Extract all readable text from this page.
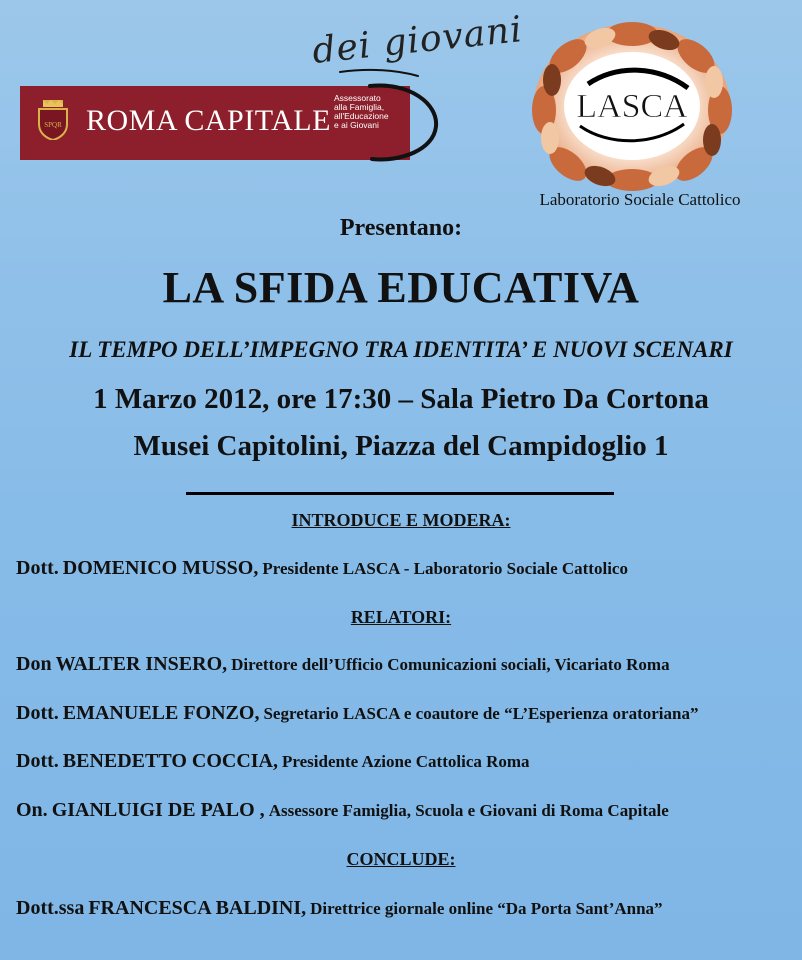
SPQR ROMA CAPITALE
Assessorato
alla Famiglia,
all'Educazione
e ai Giovani
dei giovani
LASCA
Laboratorio Sociale Cattolico
Presentano:
LA SFIDA EDUCATIVA
IL TEMPO DELL’IMPEGNO TRA IDENTITA’ E NUOVI SCENARI
1 Marzo 2012, ore 17:30 – Sala Pietro Da Cortona
Musei Capitolini, Piazza del Campidoglio 1
INTRODUCE E MODERA:
Dott. DOMENICO MUSSO, Presidente LASCA - Laboratorio Sociale Cattolico
RELATORI:
Don WALTER INSERO, Direttore dell’Ufficio Comunicazioni sociali, Vicariato Roma
Dott. EMANUELE FONZO, Segretario LASCA e coautore de “L’Esperienza oratoriana”
Dott. BENEDETTO COCCIA, Presidente Azione Cattolica Roma
On. GIANLUIGI DE PALO , Assessore Famiglia, Scuola e Giovani di Roma Capitale
CONCLUDE:
Dott.ssa FRANCESCA BALDINI, Direttrice giornale online “Da Porta Sant’Anna”
